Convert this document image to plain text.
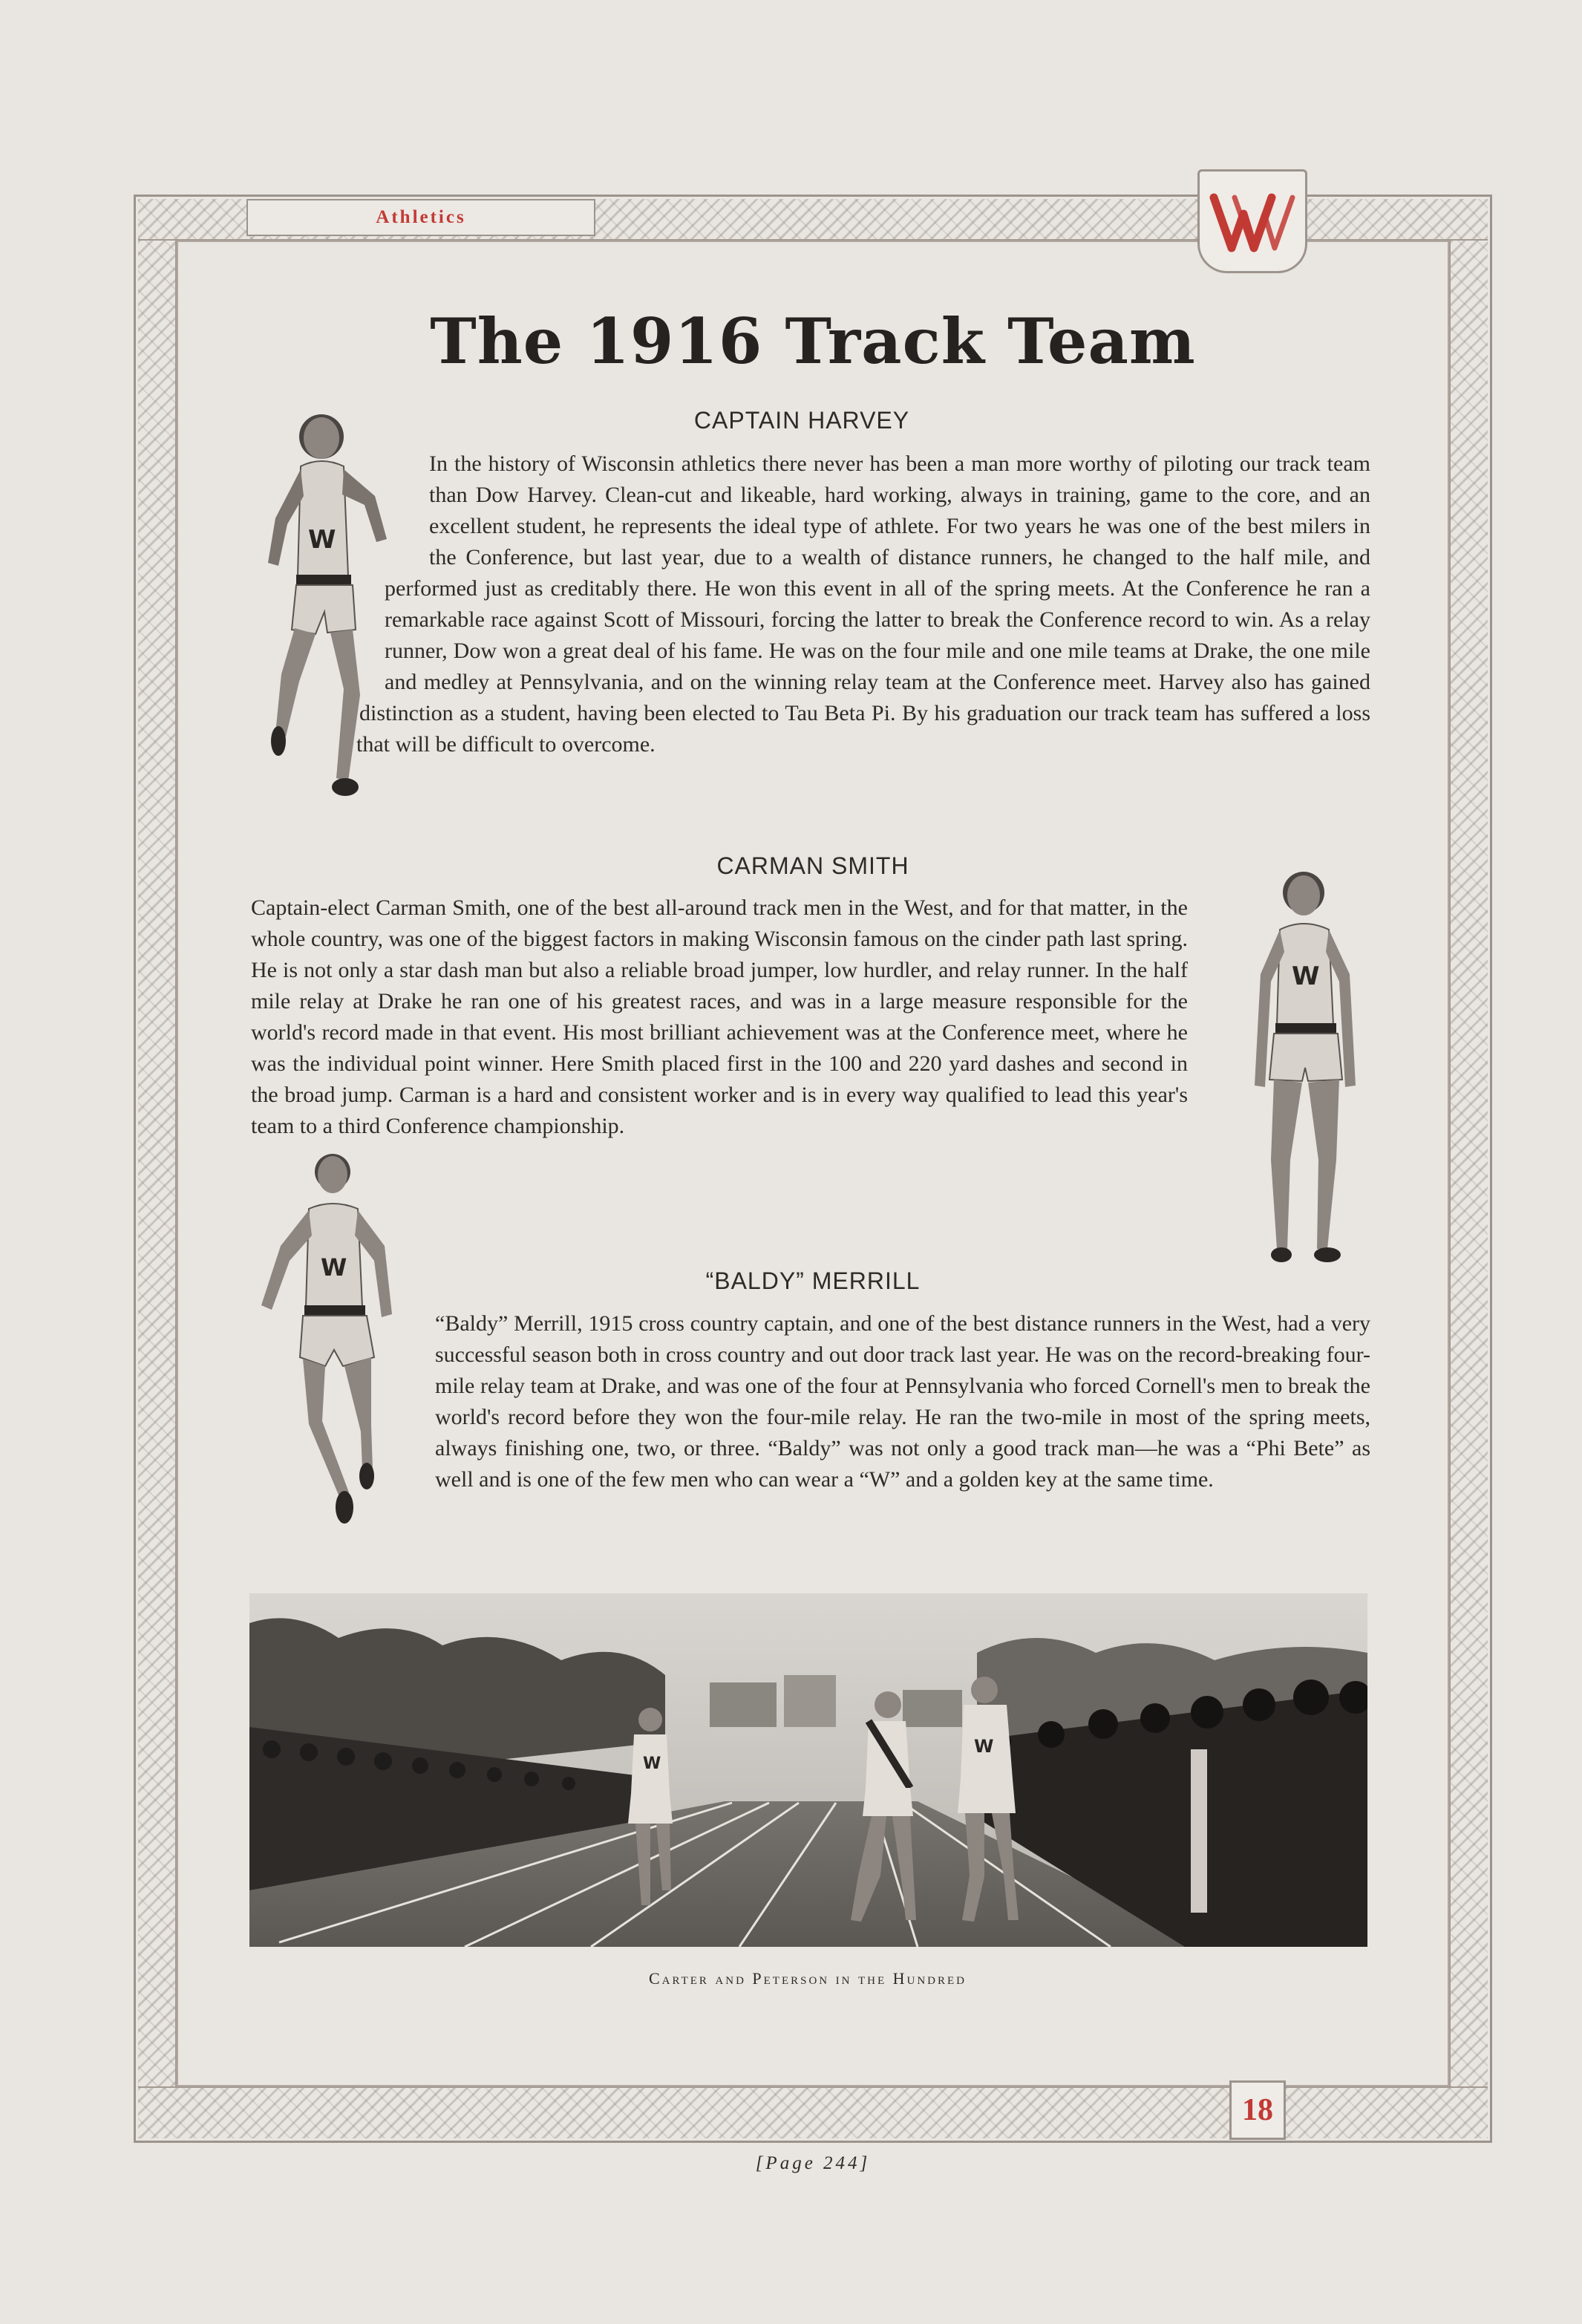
Athletics
The 1916 Track Team
CAPTAIN HARVEY
W

In the history of Wisconsin athletics there never has been a man more worthy of piloting our track team than Dow Harvey. Clean-cut and likeable, hard working, always in training, game to the core, and an excellent student, he represents the ideal type of athlete. For two years he was one of the best milers in the Conference, but last year, due to a wealth of distance runners, he changed to the half mile, and performed just as creditably there. He won this event in all of the spring meets. At the Conference he ran a remarkable race against Scott of Missouri, forcing the latter to break the Conference record to win. As a relay runner, Dow won a great deal of his fame. He was on the four mile and one mile teams at Drake, the one mile and medley at Pennsylvania, and on the winning relay team at the Conference meet. Harvey also has gained distinction as a student, having been elected to Tau Beta Pi. By his graduation our track team has suffered a loss that will be difficult to overcome.

CARMAN SMITH
W

Captain-elect Carman Smith, one of the best all-around track men in the West, and for that matter, in the whole country, was one of the biggest factors in making Wisconsin famous on the cinder path last spring. He is not only a star dash man but also a reliable broad jumper, low hurdler, and relay runner. In the half mile relay at Drake he ran one of his greatest races, and was in a large measure responsible for the world's record made in that event. His most brilliant achievement was at the Conference meet, where he was the individual point winner. Here Smith placed first in the 100 and 220 yard dashes and second in the broad jump. Carman is a hard and consistent worker and is in every way qualified to lead this year's team to a third Conference championship.

W	“BALDY” MERRILL

“Baldy” Merrill, 1915 cross country captain, and one of the best distance runners in the West, had a very successful season both in cross country and out door track last year. He was on the record-breaking four-mile relay team at Drake, and was one of the four at Pennsylvania who forced Cornell's men to break the world's record before they won the four-mile relay. He ran the two-mile in most of the spring meets, always finishing one, two, or three. “Baldy” was not only a good track man—he was a “Phi Bete” as well and is one of the few men who can wear a “W” and a golden key at the same time.

W
W
Carter and Peterson in the Hundred
18
[Page 244]
